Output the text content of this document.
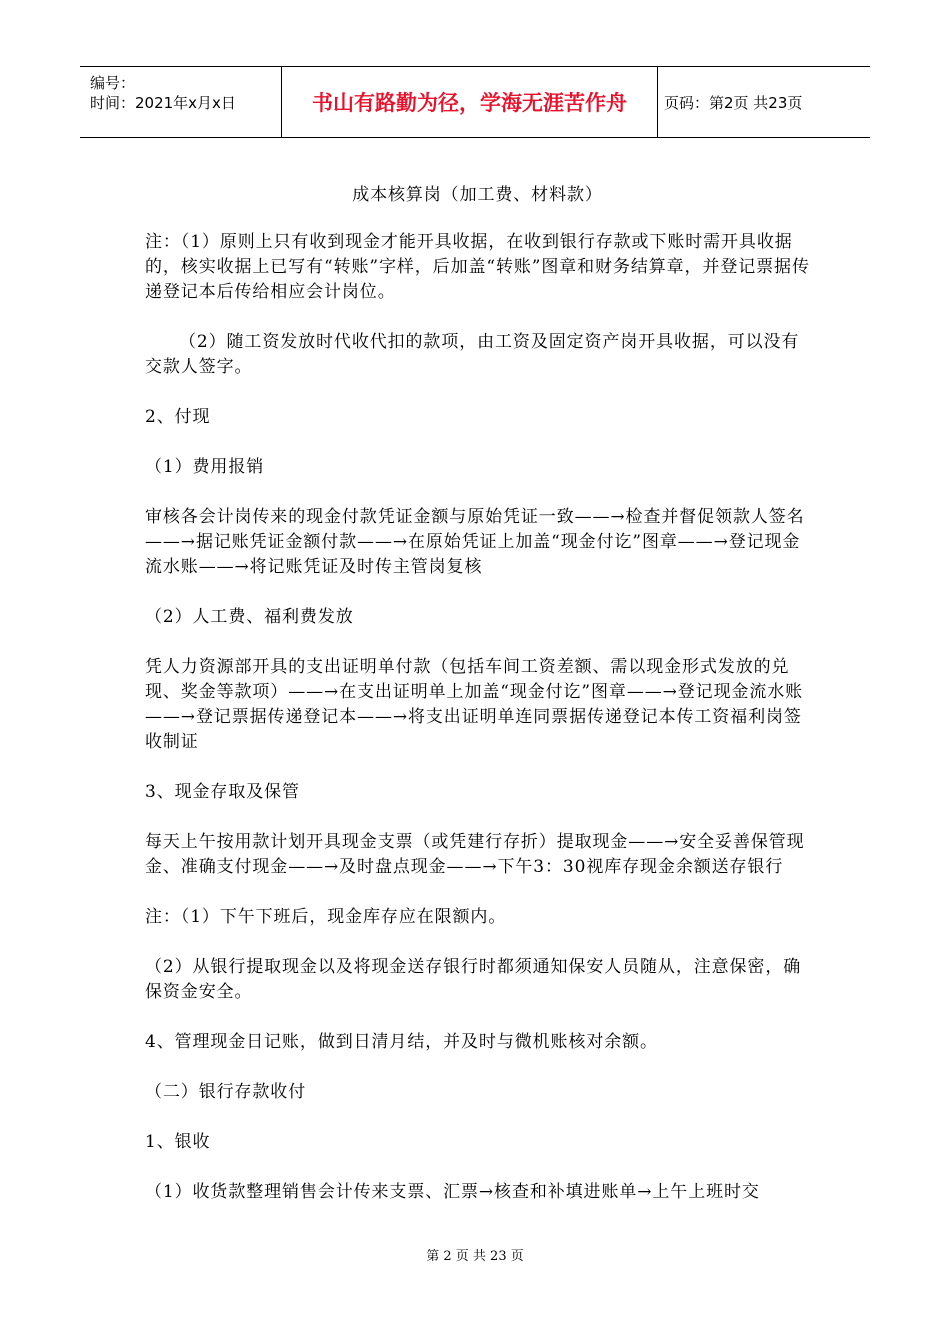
编号：
时间：2021年x月x日	书山有路勤为径，学海无涯苦作舟	页码：第2页 共23页

成本核算岗（加工费、材料款）

注：（1）原则上只有收到现金才能开具收据，在收到银行存款或下账时需开具收据的，核实收据上已写有“转账”字样，后加盖“转账”图章和财务结算章，并登记票据传递登记本后传给相应会计岗位。

（2）随工资发放时代收代扣的款项，由工资及固定资产岗开具收据，可以没有交款人签字。

2、付现

（1）费用报销

审核各会计岗传来的现金付款凭证金额与原始凭证一致——→检查并督促领款人签名——→据记账凭证金额付款——→在原始凭证上加盖“现金付讫”图章——→登记现金流水账——→将记账凭证及时传主管岗复核

（2）人工费、福利费发放

凭人力资源部开具的支出证明单付款（包括车间工资差额、需以现金形式发放的兑现、奖金等款项）——→在支出证明单上加盖“现金付讫”图章——→登记现金流水账——→登记票据传递登记本——→将支出证明单连同票据传递登记本传工资福利岗签收制证

3、现金存取及保管

每天上午按用款计划开具现金支票（或凭建行存折）提取现金——→安全妥善保管现金、准确支付现金——→及时盘点现金——→下午3：30视库存现金余额送存银行

注：（1）下午下班后，现金库存应在限额内。

（2）从银行提取现金以及将现金送存银行时都须通知保安人员随从，注意保密，确保资金安全。

4、管理现金日记账，做到日清月结，并及时与微机账核对余额。

（二）银行存款收付

1、银收

（1）收货款整理销售会计传来支票、汇票→核查和补填进账单→上午上班时交

第 2 页 共 23 页
